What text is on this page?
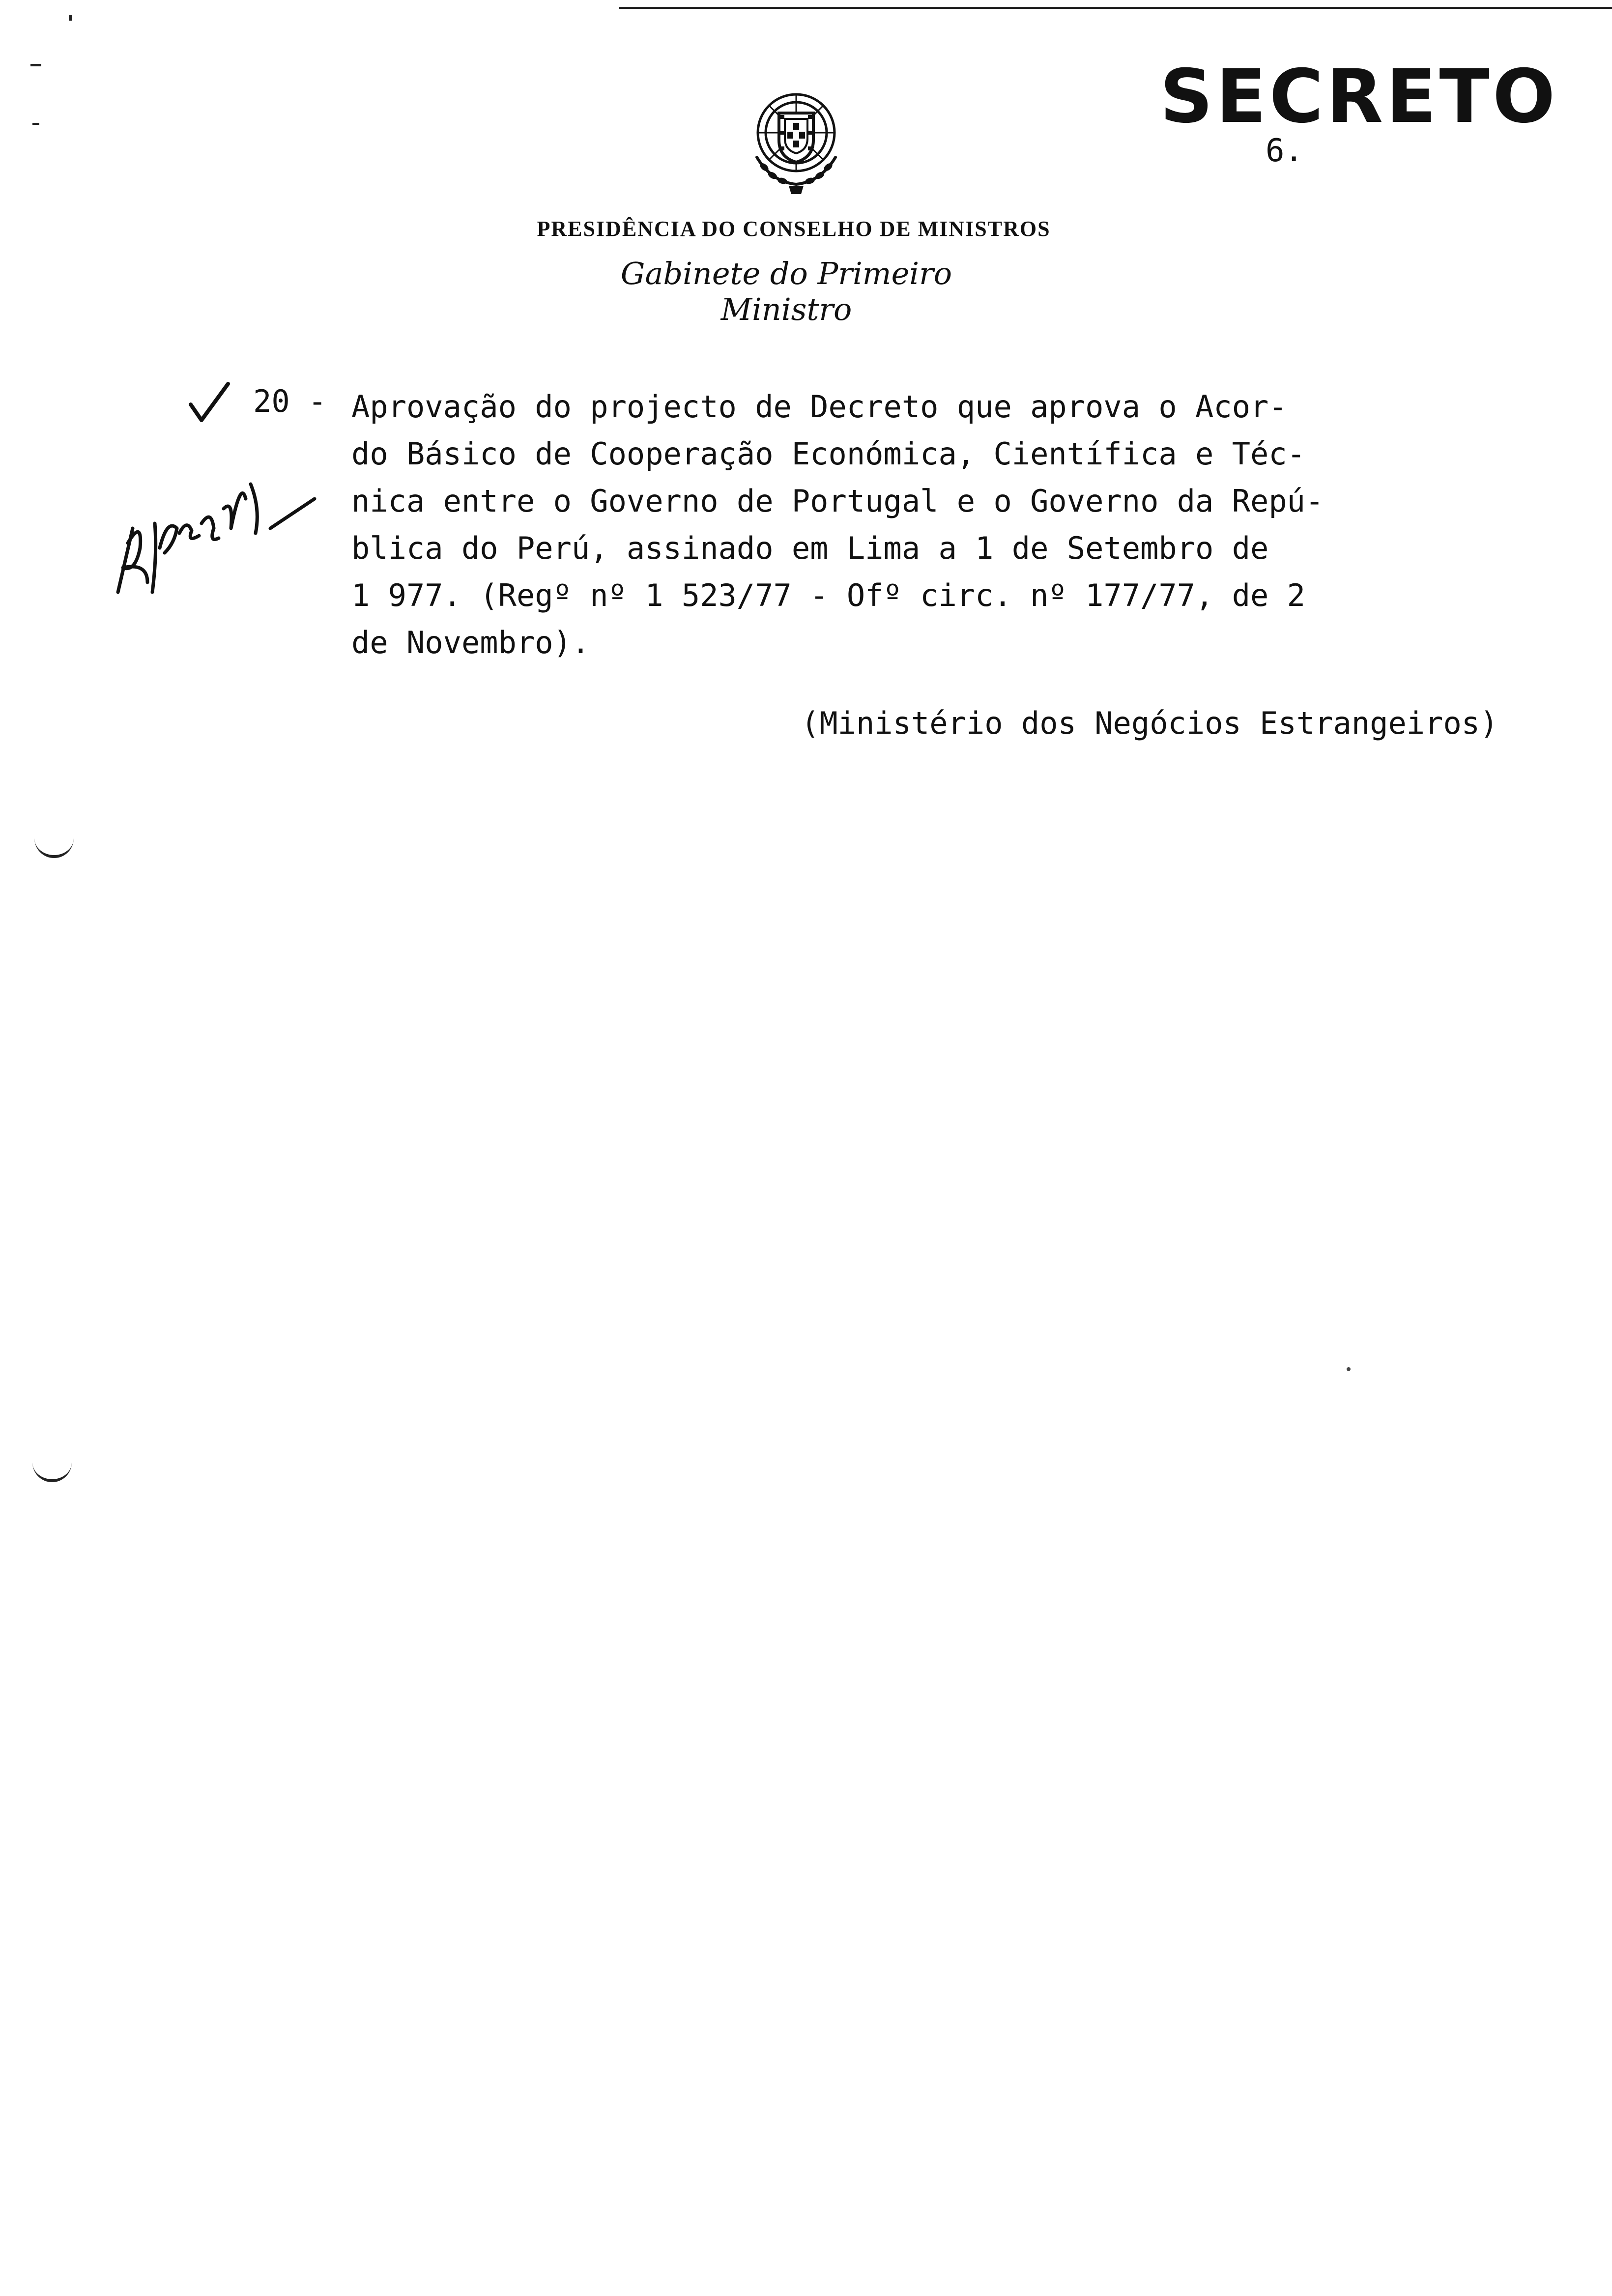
SECRETO
6.
PRESIDÊNCIA DO CONSELHO DE MINISTROS
Gabinete do Primeiro Ministro
20 - Aprovação do projecto de Decreto que aprova o Acor-
do Básico de Cooperação Económica, Científica e Téc-
nica entre o Governo de Portugal e o Governo da Repú-
blica do Perú, assinado em Lima a 1 de Setembro de
1 977. (Regº nº 1 523/77 - Ofº circ. nº 177/77, de 2
de Novembro).
(Ministério dos Negócios Estrangeiros)
